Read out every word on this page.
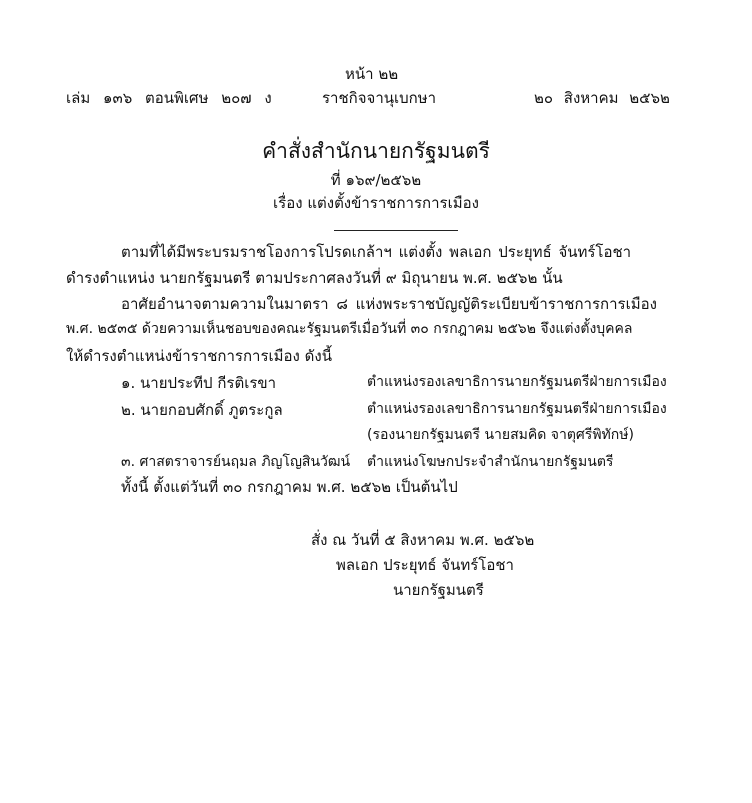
หน้า ๒๒
เล่ม ๑๓๖ ตอนพิเศษ ๒๐๗ ง	ราชกิจจานุเบกษา	๒๐ สิงหาคม ๒๕๖๒
คำสั่งสำนักนายกรัฐมนตรี
ที่ ๑๖๙/๒๕๖๒
เรื่อง แต่งตั้งข้าราชการการเมือง
ตามที่ได้มีพระบรมราชโองการโปรดเกล้าฯ แต่งตั้ง พลเอก ประยุทธ์ จันทร์โอชา
ดำรงตำแหน่ง นายกรัฐมนตรี ตามประกาศลงวันที่ ๙ มิถุนายน พ.ศ. ๒๕๖๒ นั้น
อาศัยอำนาจตามความในมาตรา ๘ แห่งพระราชบัญญัติระเบียบข้าราชการการเมือง
พ.ศ. ๒๕๓๕ ด้วยความเห็นชอบของคณะรัฐมนตรีเมื่อวันที่ ๓๐ กรกฎาคม ๒๕๖๒ จึงแต่งตั้งบุคคล
ให้ดำรงตำแหน่งข้าราชการการเมือง ดังนี้
๑. นายประทีป กีรติเรขา	ตำแหน่งรองเลขาธิการนายกรัฐมนตรีฝ่ายการเมือง
๒. นายกอบศักดิ์ ภูตระกูล	ตำแหน่งรองเลขาธิการนายกรัฐมนตรีฝ่ายการเมือง
(รองนายกรัฐมนตรี นายสมคิด จาตุศรีพิทักษ์)
๓. ศาสตราจารย์นฤมล ภิญโญสินวัฒน์ ตำแหน่งโฆษกประจำสำนักนายกรัฐมนตรี
ทั้งนี้ ตั้งแต่วันที่ ๓๐ กรกฎาคม พ.ศ. ๒๕๖๒ เป็นต้นไป
สั่ง ณ วันที่ ๕ สิงหาคม พ.ศ. ๒๕๖๒
พลเอก ประยุทธ์ จันทร์โอชา
นายกรัฐมนตรี
